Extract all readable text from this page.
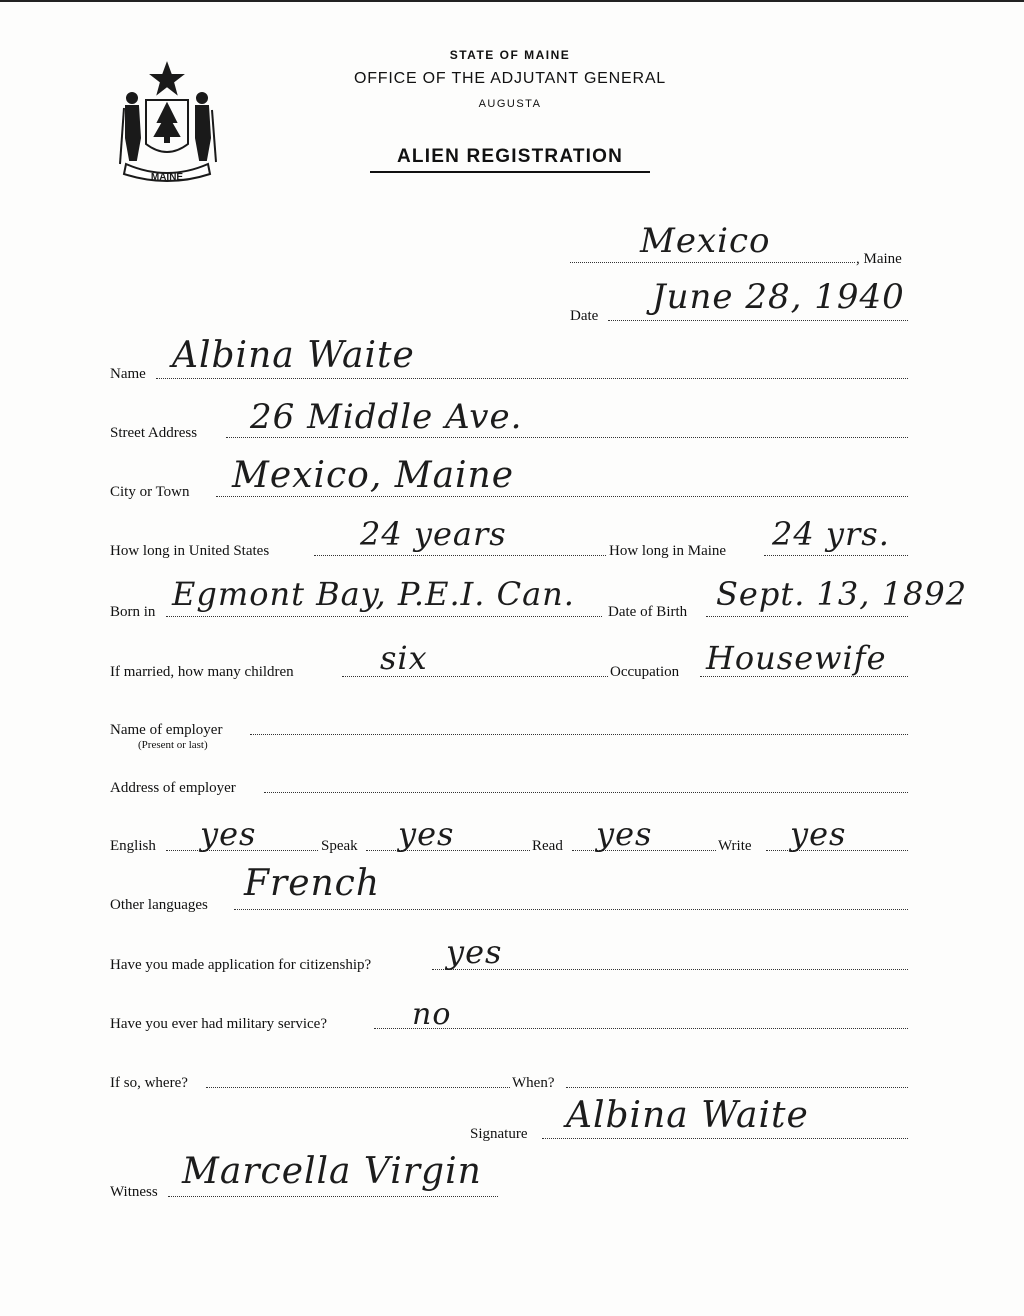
MAINE
STATE OF MAINE
OFFICE OF THE ADJUTANT GENERAL
AUGUSTA
ALIEN REGISTRATION
Mexico	, Maine
Date June 28, 1940
Name Albina Waite
Street Address 26 Middle Ave.
City or Town Mexico, Maine
How long in United States	24 years	How long in Maine 24 yrs.
Born in Egmont Bay, P.E.I. Can. Date of Birth Sept. 13, 1892
If married, how many children	six	Occupation Housewife
Name of employer
(Present or last)
Address of employer
English yes	Speak yes	Read yes	Write yes
Other languages
French
Have you made application for citizenship? yes
Have you ever had military service?	no
If so, where?	When?
Signature Albina Waite
Witness Marcella Virgin
